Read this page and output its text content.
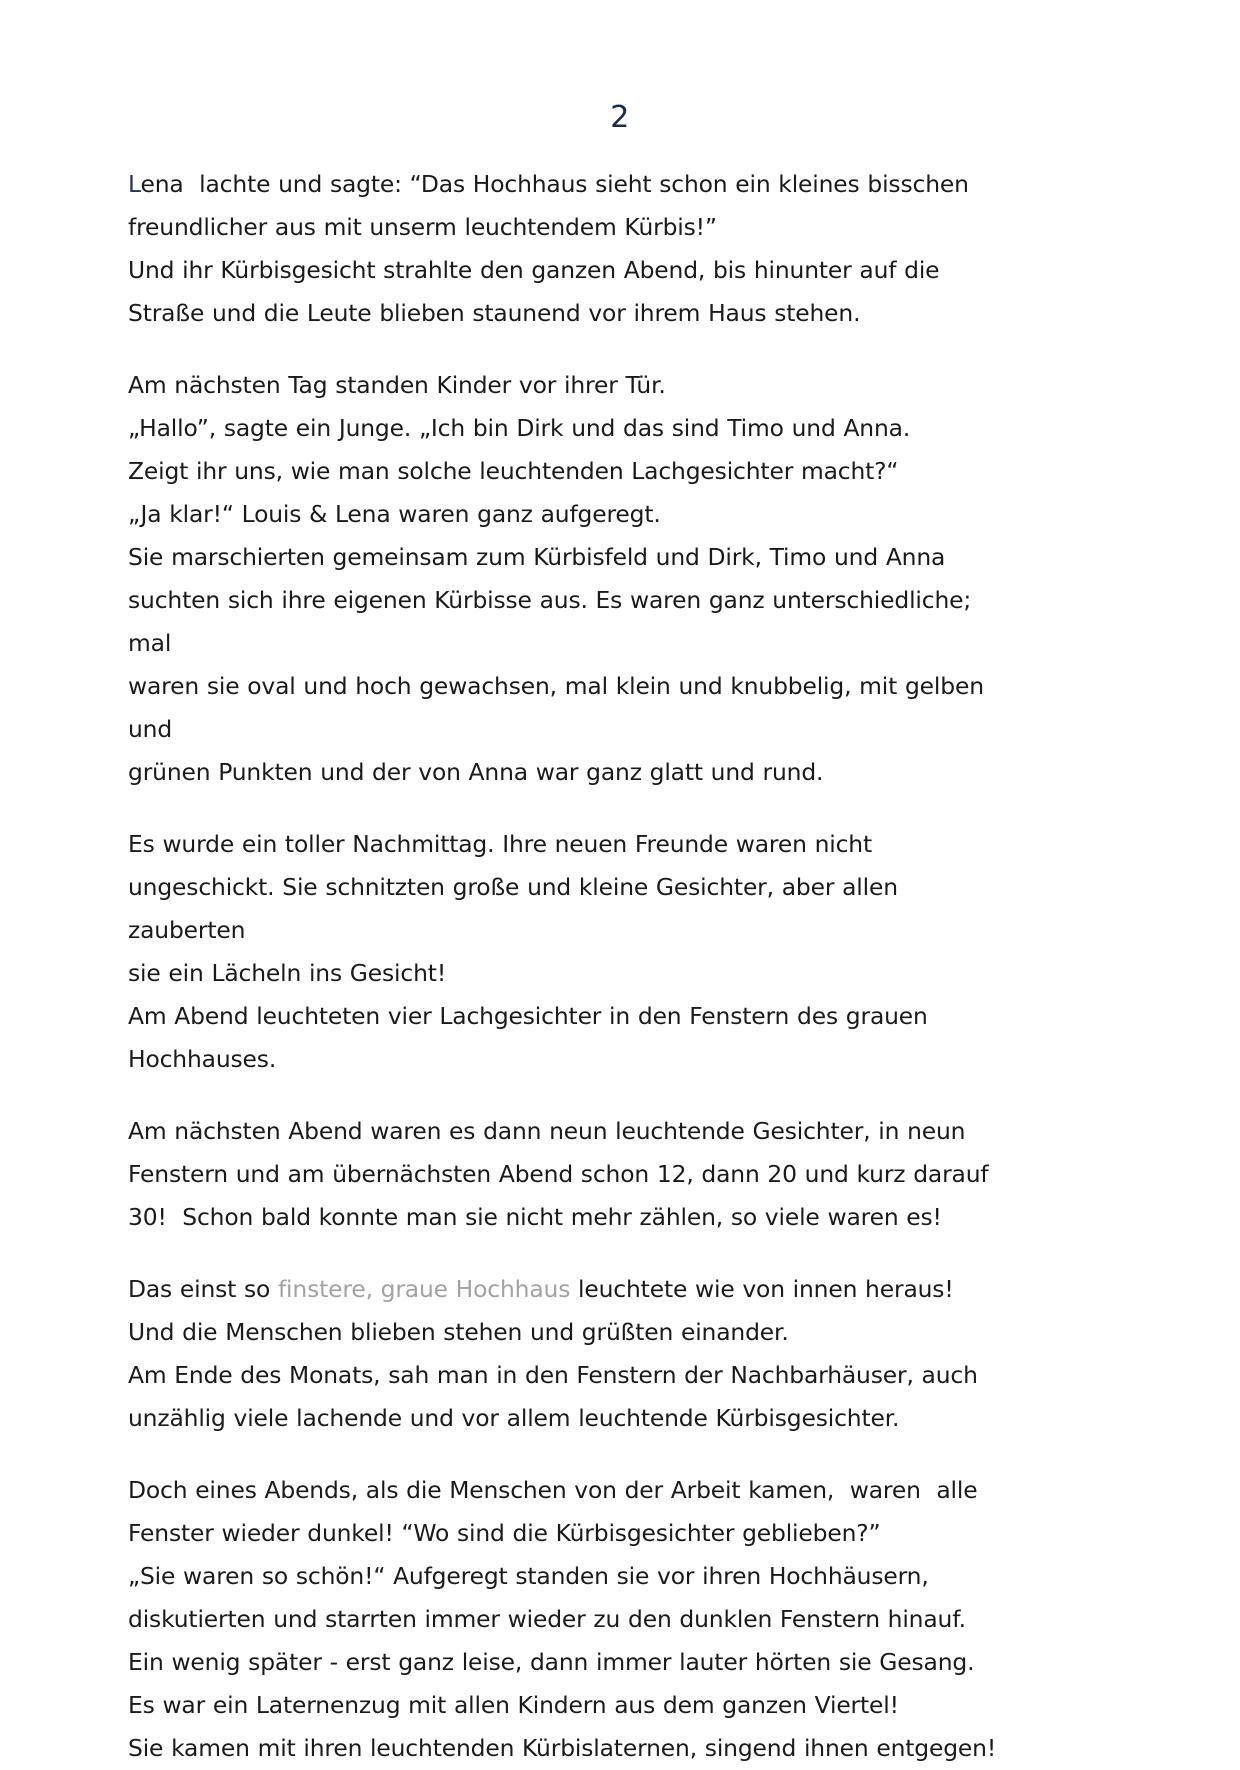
2

Lena  lachte und sagte: “Das Hochhaus sieht schon ein kleines bisschen
freundlicher aus mit unserm leuchtendem Kürbis!”
Und ihr Kürbisgesicht strahlte den ganzen Abend, bis hinunter auf die
Straße und die Leute blieben staunend vor ihrem Haus stehen.

Am nächsten Tag standen Kinder vor ihrer Tür.
„Hallo”, sagte ein Junge. „Ich bin Dirk und das sind Timo und Anna.
Zeigt ihr uns, wie man solche leuchtenden Lachgesichter macht?“
„Ja klar!“ Louis & Lena waren ganz aufgeregt.
Sie marschierten gemeinsam zum Kürbisfeld und Dirk, Timo und Anna
suchten sich ihre eigenen Kürbisse aus. Es waren ganz unterschiedliche; mal
waren sie oval und hoch gewachsen, mal klein und knubbelig, mit gelben und
grünen Punkten und der von Anna war ganz glatt und rund.

Es wurde ein toller Nachmittag. Ihre neuen Freunde waren nicht
ungeschickt. Sie schnitzten große und kleine Gesichter, aber allen zauberten
sie ein Lächeln ins Gesicht!
Am Abend leuchteten vier Lachgesichter in den Fenstern des grauen
Hochhauses.

Am nächsten Abend waren es dann neun leuchtende Gesichter, in neun
Fenstern und am übernächsten Abend schon 12, dann 20 und kurz darauf
30!  Schon bald konnte man sie nicht mehr zählen, so viele waren es!

Das einst so finstere, graue Hochhaus leuchtete wie von innen heraus!
Und die Menschen blieben stehen und grüßten einander.
Am Ende des Monats, sah man in den Fenstern der Nachbarhäuser, auch
unzählig viele lachende und vor allem leuchtende Kürbisgesichter.

Doch eines Abends, als die Menschen von der Arbeit kamen,  waren  alle
Fenster wieder dunkel! “Wo sind die Kürbisgesichter geblieben?”
„Sie waren so schön!“ Aufgeregt standen sie vor ihren Hochhäusern,
diskutierten und starrten immer wieder zu den dunklen Fenstern hinauf.
Ein wenig später - erst ganz leise, dann immer lauter hörten sie Gesang.
Es war ein Laternenzug mit allen Kindern aus dem ganzen Viertel!
Sie kamen mit ihren leuchtenden Kürbislaternen, singend ihnen entgegen!
